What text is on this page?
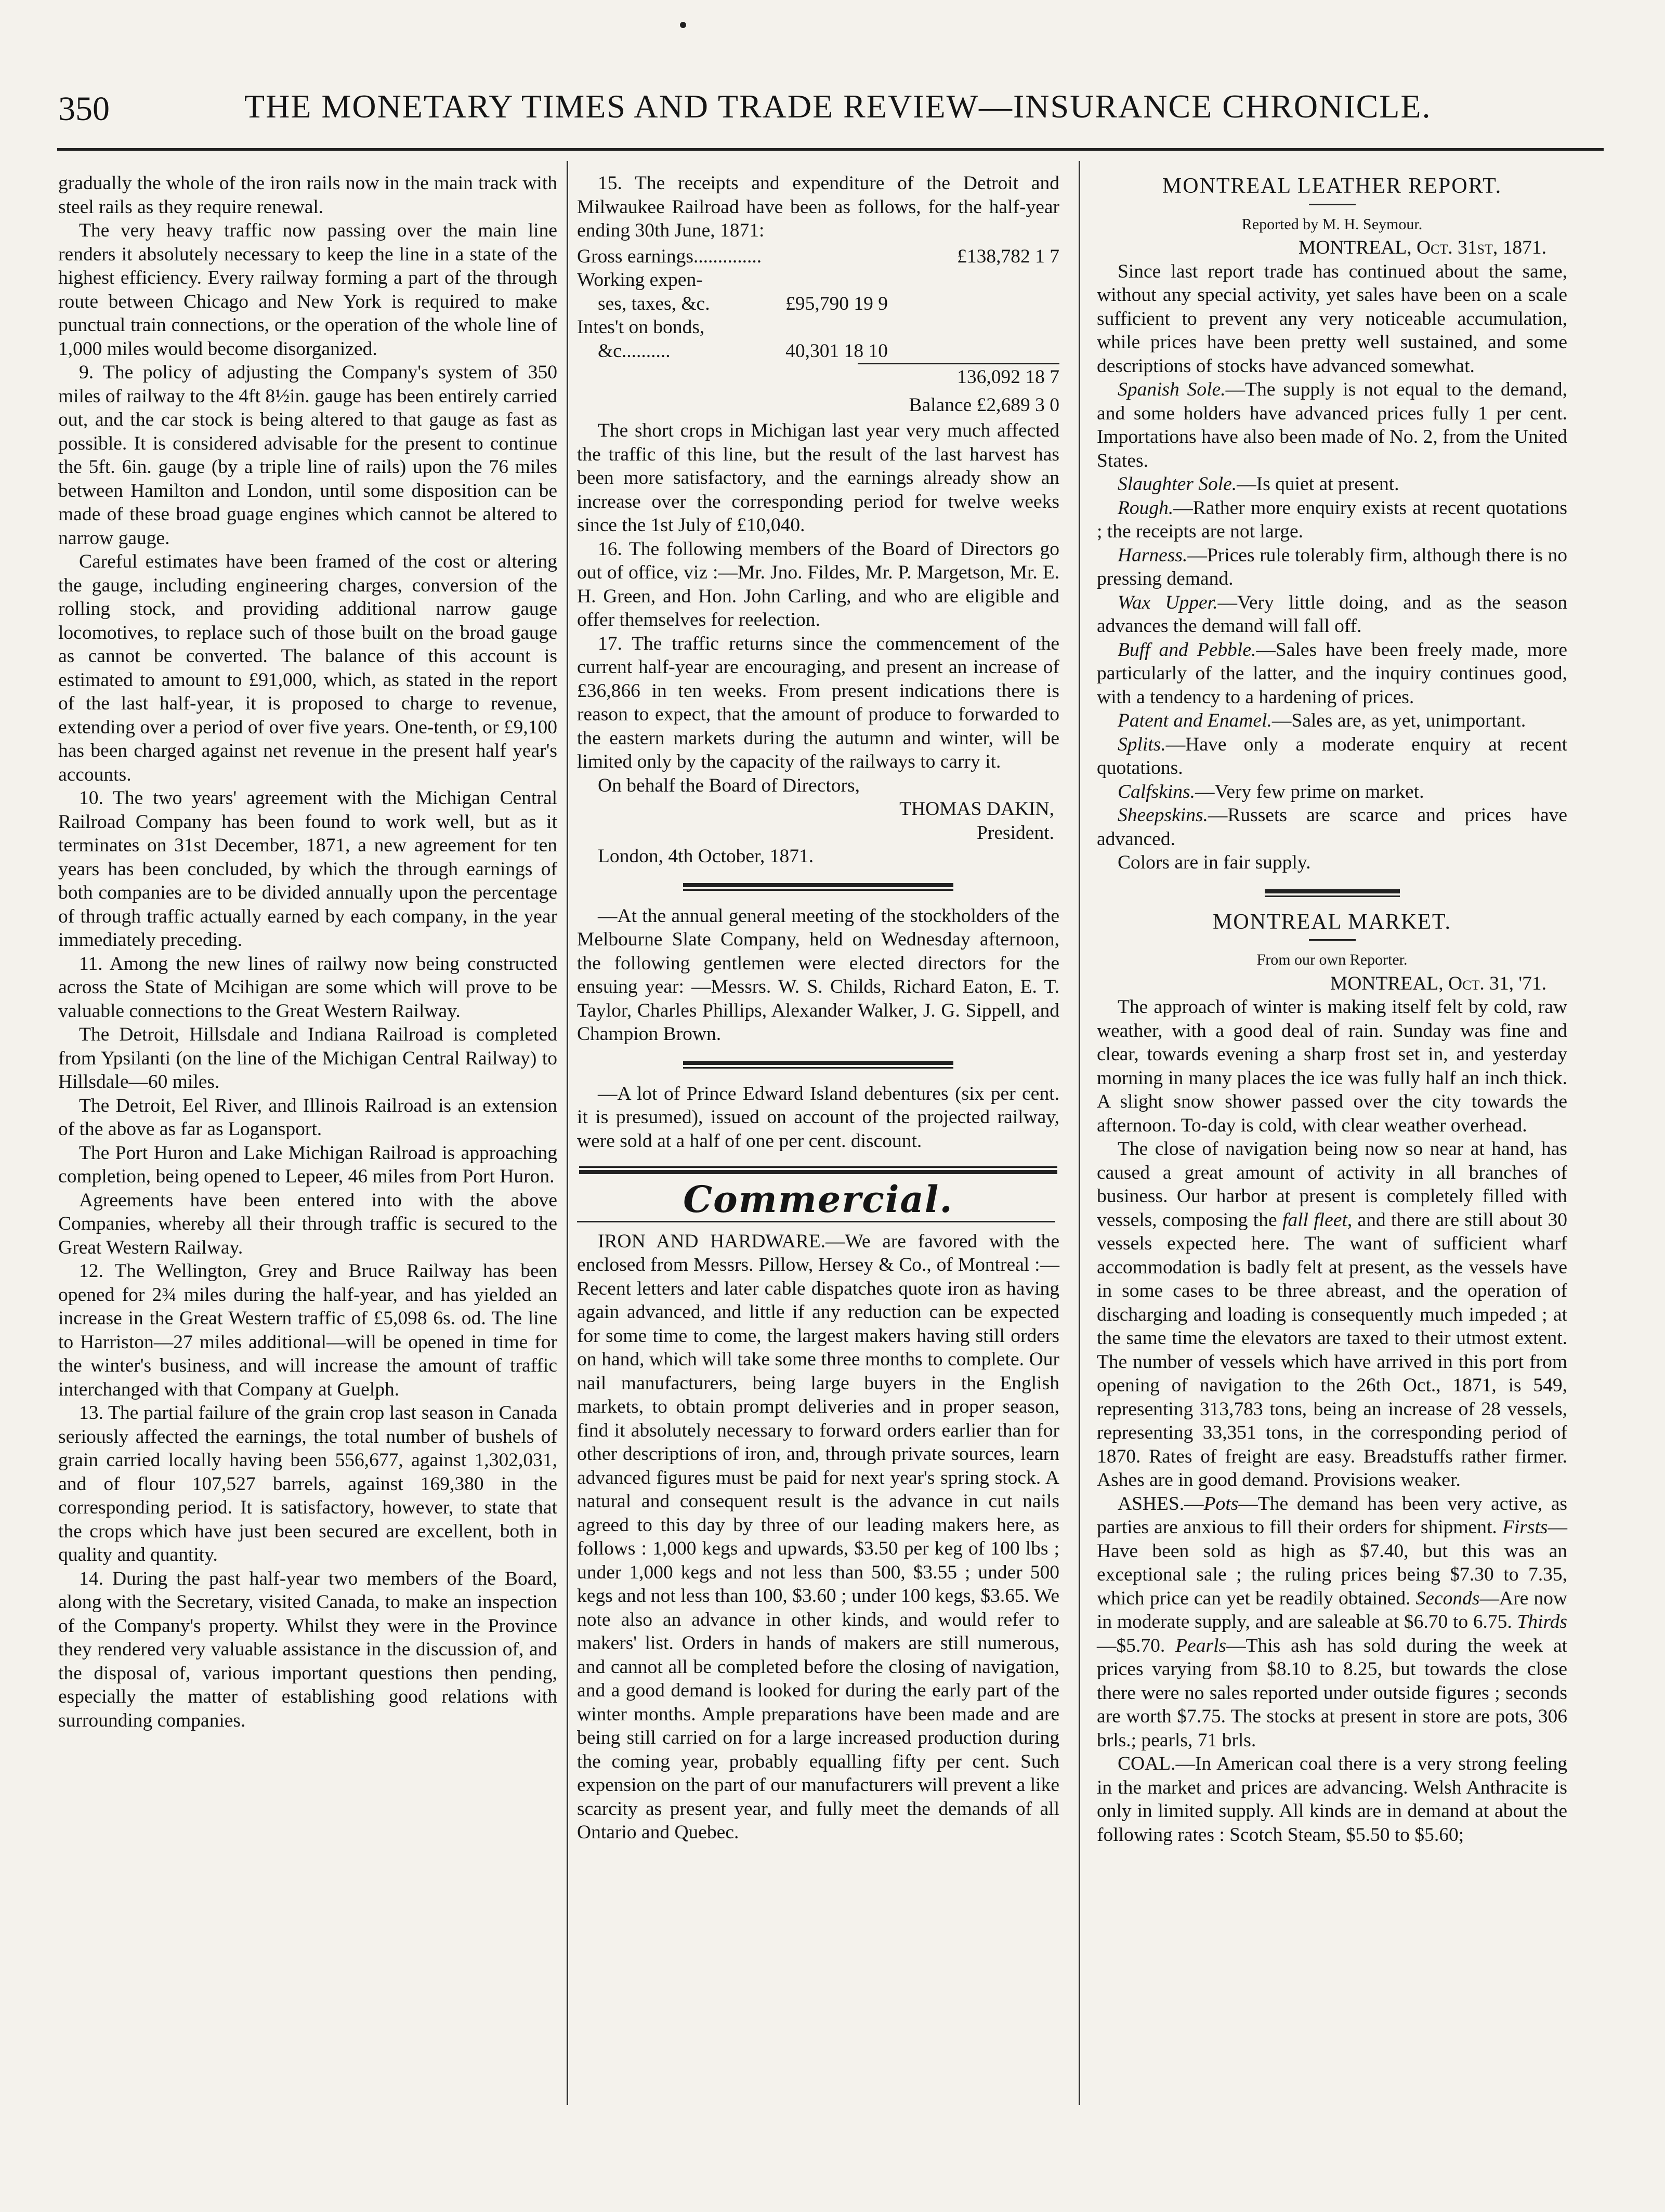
350	THE MONETARY TIMES AND TRADE REVIEW—INSURANCE CHRONICLE.

gradually the whole of the iron rails now in the main track with steel rails as they require renewal.

The very heavy traffic now passing over the main line renders it absolutely necessary to keep the line in a state of the highest efficiency. Every railway forming a part of the through route between Chicago and New York is required to make punctual train connections, or the operation of the whole line of 1,000 miles would become disorganized.

9. The policy of adjusting the Company's system of 350 miles of railway to the 4ft 8½in. gauge has been entirely carried out, and the car stock is being altered to that gauge as fast as possible. It is considered advisable for the present to continue the 5ft. 6in. gauge (by a triple line of rails) upon the 76 miles between Hamilton and London, until some disposition can be made of these broad guage engines which cannot be altered to narrow gauge.

Careful estimates have been framed of the cost or altering the gauge, including engineering charges, conversion of the rolling stock, and providing additional narrow gauge locomotives, to replace such of those built on the broad gauge as cannot be converted. The balance of this account is estimated to amount to £91,000, which, as stated in the report of the last half-year, it is proposed to charge to revenue, extending over a period of over five years. One-tenth, or £9,100 has been charged against net revenue in the present half year's accounts.

10. The two years' agreement with the Michigan Central Railroad Company has been found to work well, but as it terminates on 31st December, 1871, a new agreement for ten years has been concluded, by which the through earnings of both companies are to be divided annually upon the percentage of through traffic actually earned by each company, in the year immediately preceding.

11. Among the new lines of railwy now being constructed across the State of Mcihigan are some which will prove to be valuable connections to the Great Western Railway.

The Detroit, Hillsdale and Indiana Railroad is completed from Ypsilanti (on the line of the Michigan Central Railway) to Hillsdale—60 miles.

The Detroit, Eel River, and Illinois Railroad is an extension of the above as far as Logansport.

The Port Huron and Lake Michigan Railroad is approaching completion, being opened to Lepeer, 46 miles from Port Huron.

Agreements have been entered into with the above Companies, whereby all their through traffic is secured to the Great Western Railway.

12. The Wellington, Grey and Bruce Railway has been opened for 2¾ miles during the half-year, and has yielded an increase in the Great Western traffic of £5,098 6s. od. The line to Harriston—27 miles additional—will be opened in time for the winter's business, and will increase the amount of traffic interchanged with that Company at Guelph.

13. The partial failure of the grain crop last season in Canada seriously affected the earnings, the total number of bushels of grain carried locally having been 556,677, against 1,302,031, and of flour 107,527 barrels, against 169,380 in the corresponding period. It is satisfactory, however, to state that the crops which have just been secured are excellent, both in quality and quantity.

14. During the past half-year two members of the Board, along with the Secretary, visited Canada, to make an inspection of the Company's property. Whilst they were in the Province they rendered very valuable assistance in the discussion of, and the disposal of, various important questions then pending, especially the matter of establishing good relations with surrounding companies.

15. The receipts and expenditure of the Detroit and Milwaukee Railroad have been as follows, for the half-year ending 30th June, 1871:

Gross earnings..............	£138,782 1 7
Working expen-
ses, taxes, &c.	£95,790 19 9
Intes't on bonds,
&c..........	40,301 18 10
136,092 18 7
Balance £2,689 3 0

The short crops in Michigan last year very much affected the traffic of this line, but the result of the last harvest has been more satisfactory, and the earnings already show an increase over the corresponding period for twelve weeks since the 1st July of £10,040.

16. The following members of the Board of Directors go out of office, viz :—Mr. Jno. Fildes, Mr. P. Margetson, Mr. E. H. Green, and Hon. John Carling, and who are eligible and offer themselves for reelection.

17. The traffic returns since the commencement of the current half-year are encouraging, and present an increase of £36,866 in ten weeks. From present indications there is reason to expect, that the amount of produce to forwarded to the eastern markets during the autumn and winter, will be limited only by the capacity of the railways to carry it.

On behalf the Board of Directors,

THOMAS DAKIN,
President.

London, 4th October, 1871.

—At the annual general meeting of the stockholders of the Melbourne Slate Company, held on Wednesday afternoon, the following gentlemen were elected directors for the ensuing year: —Messrs. W. S. Childs, Richard Eaton, E. T. Taylor, Charles Phillips, Alexander Walker, J. G. Sippell, and Champion Brown.

—A lot of Prince Edward Island debentures (six per cent. it is presumed), issued on account of the projected railway, were sold at a half of one per cent. discount.

Commercial.

IRON AND HARDWARE.—We are favored with the enclosed from Messrs. Pillow, Hersey & Co., of Montreal :—Recent letters and later cable dispatches quote iron as having again advanced, and little if any reduction can be expected for some time to come, the largest makers having still orders on hand, which will take some three months to complete. Our nail manufacturers, being large buyers in the English markets, to obtain prompt deliveries and in proper season, find it absolutely necessary to forward orders earlier than for other descriptions of iron, and, through private sources, learn advanced figures must be paid for next year's spring stock. A natural and consequent result is the advance in cut nails agreed to this day by three of our leading makers here, as follows : 1,000 kegs and upwards, $3.50 per keg of 100 lbs ; under 1,000 kegs and not less than 500, $3.55 ; under 500 kegs and not less than 100, $3.60 ; under 100 kegs, $3.65. We note also an advance in other kinds, and would refer to makers' list. Orders in hands of makers are still numerous, and cannot all be completed before the closing of navigation, and a good demand is looked for during the early part of the winter months. Ample preparations have been made and are being still carried on for a large increased production during the coming year, probably equalling fifty per cent. Such expension on the part of our manufacturers will prevent a like scarcity as present year, and fully meet the demands of all Ontario and Quebec.

MONTREAL LEATHER REPORT.
Reported by M. H. Seymour.
MONTREAL, Oct. 31st, 1871.

Since last report trade has continued about the same, without any special activity, yet sales have been on a scale sufficient to prevent any very noticeable accumulation, while prices have been pretty well sustained, and some descriptions of stocks have advanced somewhat.

Spanish Sole.—The supply is not equal to the demand, and some holders have advanced prices fully 1 per cent. Importations have also been made of No. 2, from the United States.

Slaughter Sole.—Is quiet at present.

Rough.—Rather more enquiry exists at recent quotations ; the receipts are not large.

Harness.—Prices rule tolerably firm, although there is no pressing demand.

Wax Upper.—Very little doing, and as the season advances the demand will fall off.

Buff and Pebble.—Sales have been freely made, more particularly of the latter, and the inquiry continues good, with a tendency to a hardening of prices.

Patent and Enamel.—Sales are, as yet, unimportant.

Splits.—Have only a moderate enquiry at recent quotations.

Calfskins.—Very few prime on market.

Sheepskins.—Russets are scarce and prices have advanced.

Colors are in fair supply.

MONTREAL MARKET.
From our own Reporter.
MONTREAL, Oct. 31, '71.

The approach of winter is making itself felt by cold, raw weather, with a good deal of rain. Sunday was fine and clear, towards evening a sharp frost set in, and yesterday morning in many places the ice was fully half an inch thick. A slight snow shower passed over the city towards the afternoon. To-day is cold, with clear weather overhead.

The close of navigation being now so near at hand, has caused a great amount of activity in all branches of business. Our harbor at present is completely filled with vessels, composing the fall fleet, and there are still about 30 vessels expected here. The want of sufficient wharf accommodation is badly felt at present, as the vessels have in some cases to be three abreast, and the operation of discharging and loading is consequently much impeded ; at the same time the elevators are taxed to their utmost extent. The number of vessels which have arrived in this port from opening of navigation to the 26th Oct., 1871, is 549, representing 313,783 tons, being an increase of 28 vessels, representing 33,351 tons, in the corresponding period of 1870. Rates of freight are easy. Breadstuffs rather firmer. Ashes are in good demand. Provisions weaker.

ASHES.—Pots—The demand has been very active, as parties are anxious to fill their orders for shipment. Firsts—Have been sold as high as $7.40, but this was an exceptional sale ; the ruling prices being $7.30 to 7.35, which price can yet be readily obtained. Seconds—Are now in moderate supply, and are saleable at $6.70 to 6.75. Thirds—$5.70. Pearls—This ash has sold during the week at prices varying from $8.10 to 8.25, but towards the close there were no sales reported under outside figures ; seconds are worth $7.75. The stocks at present in store are pots, 306 brls.; pearls, 71 brls.

COAL.—In American coal there is a very strong feeling in the market and prices are advancing. Welsh Anthracite is only in limited supply. All kinds are in demand at about the following rates : Scotch Steam, $5.50 to $5.60;
